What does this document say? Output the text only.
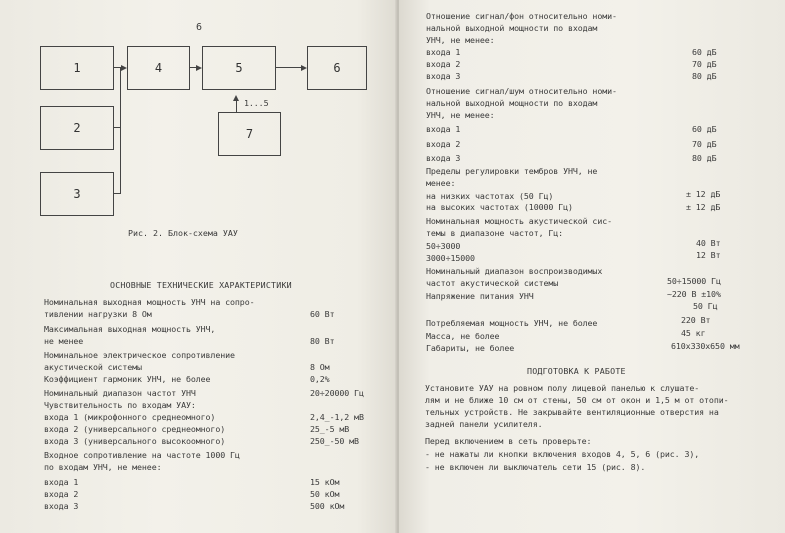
6
1
2
3
4	5	6
7
1...5
Рис. 2. Блок-схема УАУ
ОСНОВНЫЕ ТЕХНИЧЕСКИЕ ХАРАКТЕРИСТИКИ
Номинальная выходная мощность УНЧ на сопро-
тивлении нагрузки 8 Ом	60 Вт
Максимальная выходная мощность УНЧ,
не менее	80 Вт
Номинальное электрическое сопротивление
акустической системы	8 Ом
Коэффициент гармоник УНЧ, не более	0,2%
Номинальный диапазон частот УНЧ	20÷20000 Гц
Чувствительность по входам УАУ:
входа 1 (микрофонного среднеомного)	2,4_-1,2 мВ
входа 2 (универсального среднеомного)	25_-5 мВ
входа 3 (универсального высокоомного)	250_-50 мВ
Входное сопротивление на частоте 1000 Гц
по входам УНЧ, не менее:
входа 1	15 кОм
входа 2	50 кОм
входа 3	500 кОм
Отношение сигнал/фон относительно номи-
нальной выходной мощности по входам
УНЧ, не менее:
входа 1	60 дБ
входа 2	70 дБ
входа 3	80 дБ
Отношение сигнал/шум относительно номи-
нальной выходной мощности по входам
УНЧ, не менее:
входа 1	60 дБ
входа 2	70 дБ
входа 3	80 дБ
Пределы регулировки тембров УНЧ, не
менее:
на низких частотах (50 Гц)	± 12 дБ
на высоких частотах (10000 Гц)	± 12 дБ
Номинальная мощность акустической сис-
темы в диапазоне частот, Гц:
50÷3000	40 Вт
3000÷15000	12 Вт
Номинальный диапазон воспроизводимых
частот акустической системы	50÷15000 Гц
Напряжение питания УНЧ	~220 В ±10%
50 Гц
Потребляемая мощность УНЧ, не более	220 Вт
Масса, не более	45 кг
Габариты, не более	610х330х650 мм
ПОДГОТОВКА К РАБОТЕ
Установите УАУ на ровном полу лицевой панелью к слушате-
лям и не ближе 10 см от стены, 50 см от окон и 1,5 м от отопи-
тельных устройств. Не закрывайте вентиляционные отверстия на
задней панели усилителя.
Перед включением в сеть проверьте:
- не нажаты ли кнопки включения входов 4, 5, 6 (рис. 3),
- не включен ли выключатель сети 15 (рис. 8).
